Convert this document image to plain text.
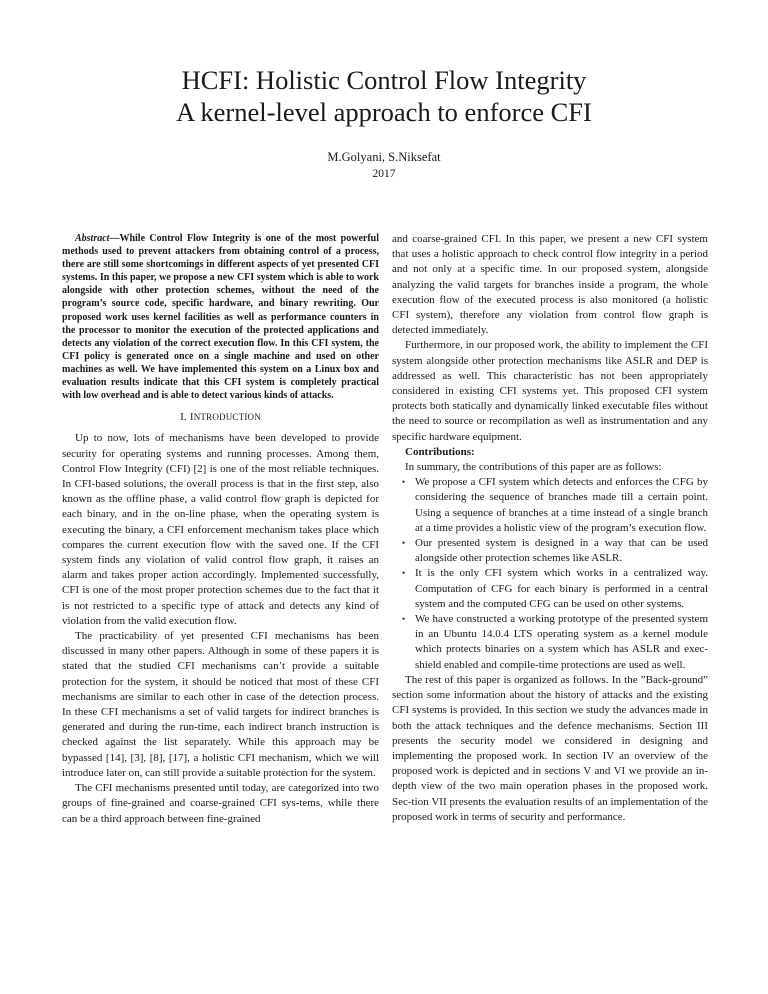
HCFI: Holistic Control Flow Integrity
A kernel-level approach to enforce CFI
M.Golyani, S.Niksefat
2017

Abstract—While Control Flow Integrity is one of the most powerful methods used to prevent attackers from obtaining control of a process, there are still some shortcomings in different aspects of yet presented CFI systems. In this paper, we propose a new CFI system which is able to work alongside with other protection schemes, without the need of the program’s source code, specific hardware, and binary rewriting. Our proposed work uses kernel facilities as well as performance counters in the processor to monitor the execution of the protected applications and detects any violation of the correct execution flow. In this CFI system, the CFI policy is generated once on a single machine and used on other machines as well. We have implemented this system on a Linux box and evaluation results indicate that this CFI system is completely practical with low overhead and is able to detect various kinds of attacks.

I. INTRODUCTION

Up to now, lots of mechanisms have been developed to provide security for operating systems and running processes. Among them, Control Flow Integrity (CFI) [2] is one of the most reliable techniques. In CFI-based solutions, the overall process is that in the first step, also known as the offline phase, a valid control flow graph is depicted for each binary, and in the on-line phase, when the operating system is executing the binary, a CFI enforcement mechanism takes place which compares the current execution flow with the saved one. If the CFI system finds any violation of valid control flow graph, it raises an alarm and takes proper action accordingly. Implemented successfully, CFI is one of the most proper protection schemes due to the fact that it is not restricted to a specific type of attack and detects any kind of violation from the valid execution flow.

The practicability of yet presented CFI mechanisms has been discussed in many other papers. Although in some of these papers it is stated that the studied CFI mechanisms can’t provide a suitable protection for the system, it should be noticed that most of these CFI mechanisms are similar to each other in case of the detection process. In these CFI mechanisms a set of valid targets for indirect branches is generated and during the run-time, each indirect branch instruction is checked against the list separately. While this approach may be bypassed [14], [3], [8], [17], a holistic CFI mechanism, which we will introduce later on, can still provide a suitable protection for the system.

The CFI mechanisms presented until today, are categorized into two groups of fine-grained and coarse-grained CFI sys-tems, while there can be a third approach between fine-grained

and coarse-grained CFI. In this paper, we present a new CFI system that uses a holistic approach to check control flow integrity in a period and not only at a specific time. In our proposed system, alongside analyzing the valid targets for branches inside a program, the whole execution flow of the executed process is also monitored (a holistic CFI system), therefore any violation from control flow graph is detected immediately.

Furthermore, in our proposed work, the ability to implement the CFI system alongside other protection mechanisms like ASLR and DEP is addressed as well. This characteristic has not been appropriately considered in existing CFI systems yet. This proposed CFI system protects both statically and dynamically linked executable files without the need to source or recompilation as well as instrumentation and any specific hardware equipment.

Contributions:

In summary, the contributions of this paper are as follows:

• We propose a CFI system which detects and enforces the CFG by considering the sequence of branches made till a certain point. Using a sequence of branches at a time instead of a single branch at a time provides a holistic view of the program’s execution flow.
• Our presented system is designed in a way that can be used alongside other protection schemes like ASLR.
• It is the only CFI system which works in a centralized way. Computation of CFG for each binary is performed in a central system and the computed CFG can be used on other systems.
• We have constructed a working prototype of the presented system in an Ubuntu 14.0.4 LTS operating system as a kernel module which protects binaries on a system which has ASLR and exec-shield enabled and compile-time protections are used as well.

The rest of this paper is organized as follows. In the ”Back-ground” section some information about the history of attacks and the existing CFI systems is provided. In this section we study the advances made in both the attack techniques and the defence mechanisms. Section III presents the security model we considered in designing and implementing the proposed work. In section IV an overview of the proposed work is depicted and in sections V and VI we provide an in-depth view of the two main operation phases in the proposed work. Sec-tion VII presents the evaluation results of an implementation of the proposed work in terms of security and performance.
